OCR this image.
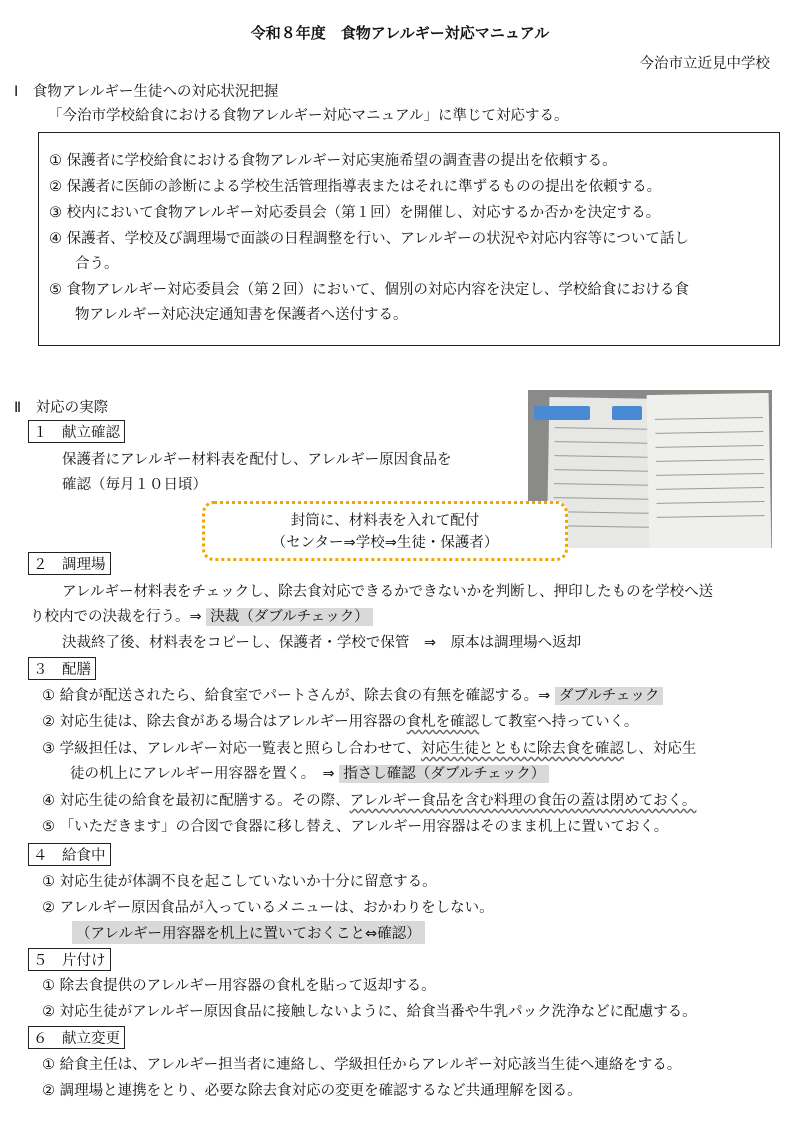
令和８年度　食物アレルギー対応マニュアル
今治市立近見中学校
Ⅰ　食物アレルギー生徒への対応状況把握
「今治市学校給食における食物アレルギー対応マニュアル」に準じて対応する。
① 保護者に学校給食における食物アレルギー対応実施希望の調査書の提出を依頼する。
② 保護者に医師の診断による学校生活管理指導表またはそれに準ずるものの提出を依頼する。
③ 校内において食物アレルギー対応委員会（第１回）を開催し、対応するか否かを決定する。
④ 保護者、学校及び調理場で面談の日程調整を行い、アレルギーの状況や対応内容等について話し
合う。
⑤ 食物アレルギー対応委員会（第２回）において、個別の対応内容を決定し、学校給食における食
物アレルギー対応決定通知書を保護者へ送付する。
Ⅱ　対応の実際
１　献立確認
保護者にアレルギー材料表を配付し、アレルギー原因食品を
確認（毎月１０日頃）
封筒に、材料表を入れて配付
（センター⇒学校⇒生徒・保護者）
２　調理場
アレルギー材料表をチェックし、除去食対応できるかできないかを判断し、押印したものを学校へ送
り校内での決裁を行う。⇒ 決裁（ダブルチェック）
決裁終了後、材料表をコピーし、保護者・学校で保管　⇒　原本は調理場へ返却
３　配膳
① 給食が配送されたら、給食室でパートさんが、除去食の有無を確認する。⇒ ダブルチェック
② 対応生徒は、除去食がある場合はアレルギー用容器の食札を確認して教室へ持っていく。
③ 学級担任は、アレルギー対応一覧表と照らし合わせて、対応生徒とともに除去食を確認し、対応生
徒の机上にアレルギー用容器を置く。　⇒ 指さし確認（ダブルチェック）
④ 対応生徒の給食を最初に配膳する。その際、アレルギー食品を含む料理の食缶の蓋は閉めておく。
⑤ 「いただきます」の合図で食器に移し替え、アレルギー用容器はそのまま机上に置いておく。
４　給食中
① 対応生徒が体調不良を起こしていないか十分に留意する。
② アレルギー原因食品が入っているメニューは、おかわりをしない。
（アレルギー用容器を机上に置いておくこと⇔確認）
５　片付け
① 除去食提供のアレルギー用容器の食札を貼って返却する。
② 対応生徒がアレルギー原因食品に接触しないように、給食当番や牛乳パック洗浄などに配慮する。
６　献立変更
① 給食主任は、アレルギー担当者に連絡し、学級担任からアレルギー対応該当生徒へ連絡をする。
② 調理場と連携をとり、必要な除去食対応の変更を確認するなど共通理解を図る。
